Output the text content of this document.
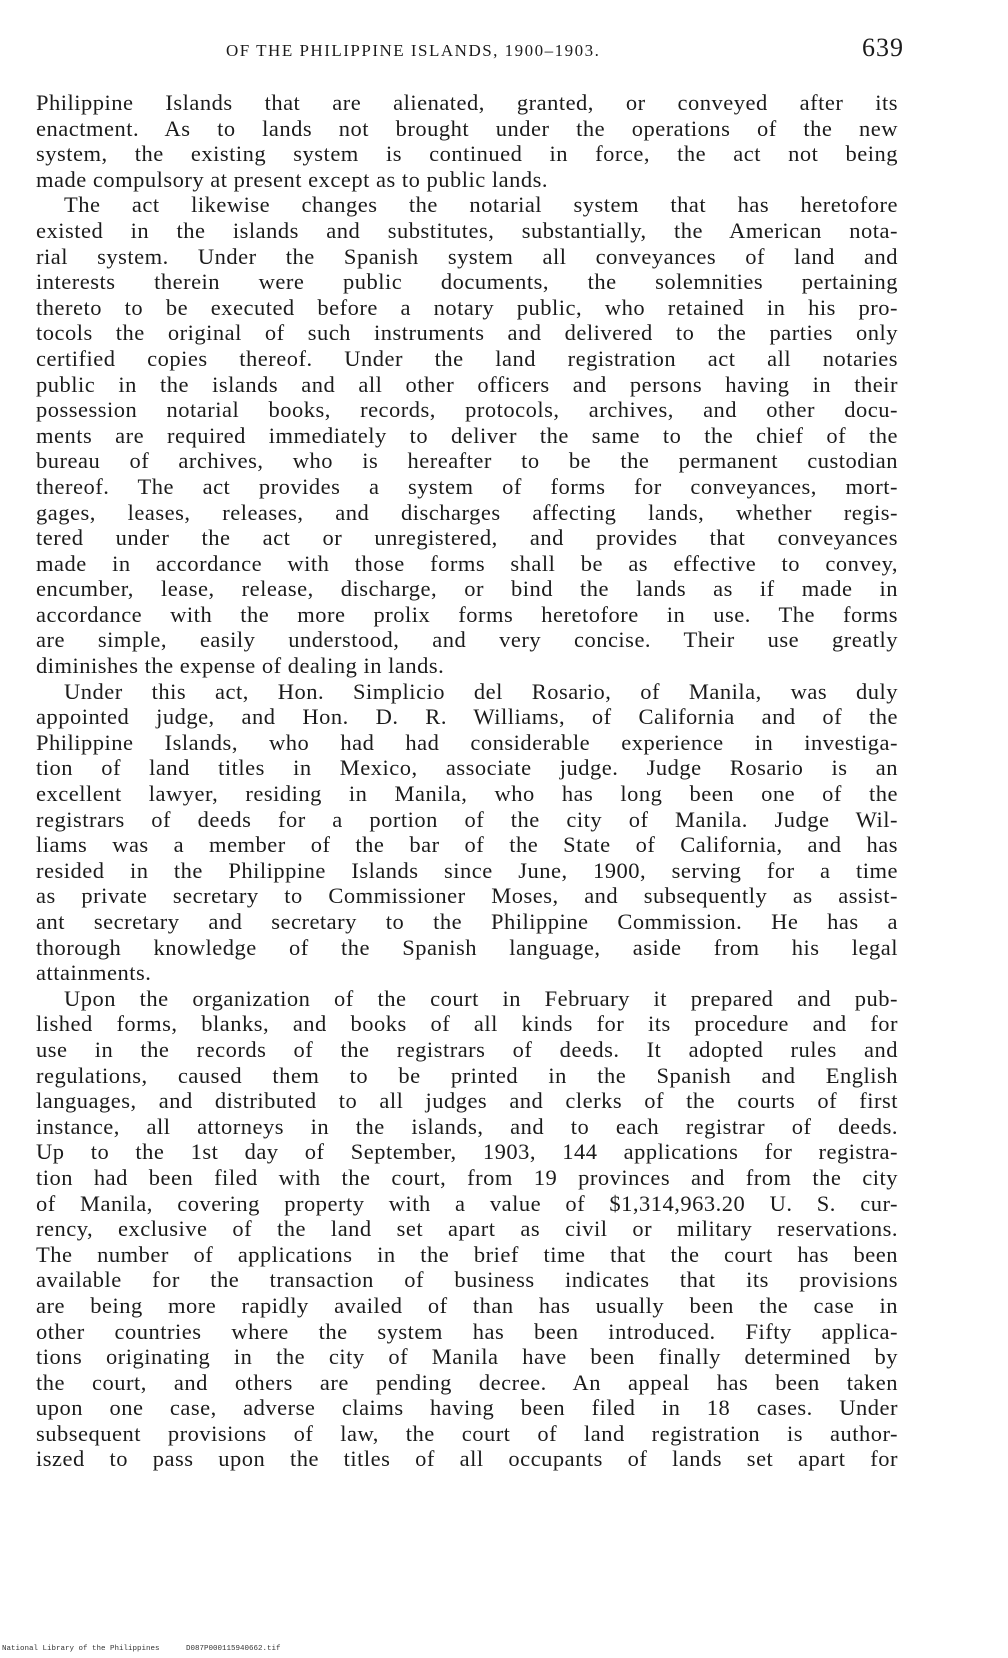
OF THE PHILIPPINE ISLANDS, 1900–1903.	639
Philippine Islands that are alienated, granted, or conveyed after its
enactment. As to lands not brought under the operations of the new
system, the existing system is continued in force, the act not being
made compulsory at present except as to public lands.
The act likewise changes the notarial system that has heretofore
existed in the islands and substitutes, substantially, the American nota-
rial system. Under the Spanish system all conveyances of land and
interests therein were public documents, the solemnities pertaining
thereto to be executed before a notary public, who retained in his pro-
tocols the original of such instruments and delivered to the parties only
certified copies thereof. Under the land registration act all notaries
public in the islands and all other officers and persons having in their
possession notarial books, records, protocols, archives, and other docu-
ments are required immediately to deliver the same to the chief of the
bureau of archives, who is hereafter to be the permanent custodian
thereof. The act provides a system of forms for conveyances, mort-
gages, leases, releases, and discharges affecting lands, whether regis-
tered under the act or unregistered, and provides that conveyances
made in accordance with those forms shall be as effective to convey,
encumber, lease, release, discharge, or bind the lands as if made in
accordance with the more prolix forms heretofore in use. The forms
are simple, easily understood, and very concise. Their use greatly
diminishes the expense of dealing in lands.
Under this act, Hon. Simplicio del Rosario, of Manila, was duly
appointed judge, and Hon. D. R. Williams, of California and of the
Philippine Islands, who had had considerable experience in investiga-
tion of land titles in Mexico, associate judge. Judge Rosario is an
excellent lawyer, residing in Manila, who has long been one of the
registrars of deeds for a portion of the city of Manila. Judge Wil-
liams was a member of the bar of the State of California, and has
resided in the Philippine Islands since June, 1900, serving for a time
as private secretary to Commissioner Moses, and subsequently as assist-
ant secretary and secretary to the Philippine Commission. He has a
thorough knowledge of the Spanish language, aside from his legal
attainments.
Upon the organization of the court in February it prepared and pub-
lished forms, blanks, and books of all kinds for its procedure and for
use in the records of the registrars of deeds. It adopted rules and
regulations, caused them to be printed in the Spanish and English
languages, and distributed to all judges and clerks of the courts of first
instance, all attorneys in the islands, and to each registrar of deeds.
Up to the 1st day of September, 1903, 144 applications for registra-
tion had been filed with the court, from 19 provinces and from the city
of Manila, covering property with a value of $1,314,963.20 U. S. cur-
rency, exclusive of the land set apart as civil or military reservations.
The number of applications in the brief time that the court has been
available for the transaction of business indicates that its provisions
are being more rapidly availed of than has usually been the case in
other countries where the system has been introduced. Fifty applica-
tions originating in the city of Manila have been finally determined by
the court, and others are pending decree. An appeal has been taken
upon one case, adverse claims having been filed in 18 cases. Under
subsequent provisions of law, the court of land registration is author-
iszed to pass upon the titles of all occupants of lands set apart for
National Library of the Philippines	D087P000115940662.tif
